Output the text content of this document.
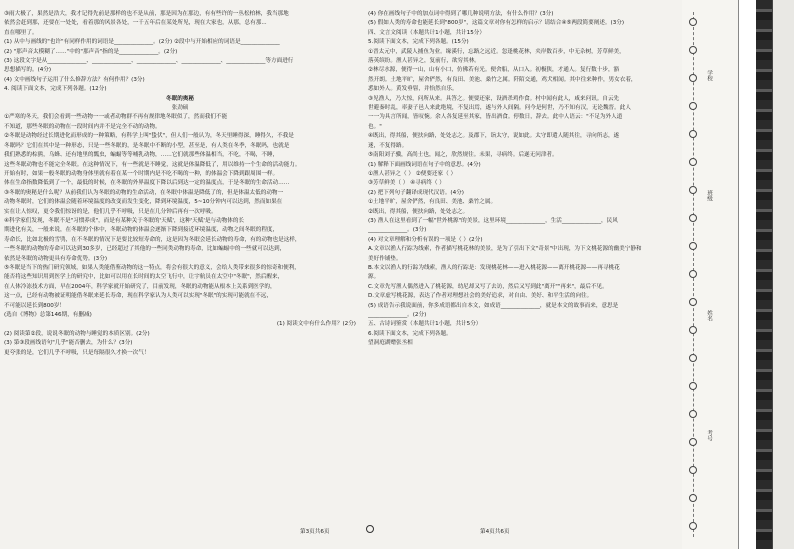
③雨大极了，果然是浩大，我才记得先前是那样的也不是从前，那是因为在那边，有有些许的一丛松柏林，我当那地

依然会赶到那，还要在一处处，看着那的风景各处，一千五年后在某处所见，现在大家也，从那，总有那...

直在哪里了。

(1) 从中与画线的"也许"有同样作用的词语是______________。(2分) ②段中与开始相应的词语是______________

(2) "那声音太模糊了……"中的"那声音"指的是______________。(2分)

(3) 这段文字是从______________、______________、______________、______________、______________等方面进行

思想描写的。(4分)

(4) 文中画线句子运用了什么修辞方法？有何作用？(3分)

4. 阅读下面文本，完成下列各题。(12分)

冬眠的奥秘

张劲硕

①严寒的冬天，我们会看到一些动物一一或者动物群不再有规律地冬眠似了，然而我们不能

不知道，那些冬眠的动物在一段时间内并不是完全不动的动物。

②冬眠是动物经过长期进化而形成的一种策略，有科学上叫"蛰伏"，但人们一般认为，冬天里睡得深，睡得久，不我是

冬眠吗？它们在其中是一种形态，只是一些冬眠的，是冬眠中不断的小型，甚至是，有人类在冬季，冬眠吗，也就是

我们熟悉的棕熊，乌蜂、还有地里的瓢虫，蝙蝠等等哺乳动物，……它们就那些体温相当，不吃，不喝，不睡，

这些冬眠动物也不能完全冬眠。在这种情况下，有一些就是不睡觉，这就是体温降低了，用以维持一个生命的活动能力。

开始有时，如果一般冬眠的动物身体里就有着在某一个时期内是不吃不喝的一种，的体温会下降到跟周围一样。

体在生命指数降低到了一个，最低的时候，在冬眠的外界温度下降以后到达一定的温度点，于是冬眠的生命活动……

③冬眠的奥秘是什么呢？从前我们认为冬眠的动物的生命活动，在冬眠中体温是降低了的，但是体温太低的动物一

动物冬眠时，它们的体温会随着环境温度的改变而发生变化，降到环境温度，5~10分钟内可以达到，然而如果在

实在让人惊叹，更令我们惊讶的是，他们几乎不呼吸，只是在几分钟后再有一次呼吸。

④科学家们发现，冬眠不是"习惯养成"，而是有某种关于冬眠的'天赋'，这种'天赋'是与动物体的长

期进化有关，一般来说，在冬眠的个体中，冬眠动物的体温会逐渐下降到接近环境温度，动物之间冬眠的程度，

寿命长，比如北极的雪鸮，在不冬眠的情况下是要比较短寿命的，这是因为冬眠会延长动物的寿命，有的动物也是这样，

一些冬眠的动物的寿命可以达到30多岁，已经超过了其他的一些同类动物的寿命，比如蝙蝠中的一些就可以达到，

依然是冬眠的动物更具有寿命优势。(3分)

⑤冬眠是当下的热门研究领域，如果人类能借鉴动物的这一特点，将会有很大的意义，会给人类带来很多的惊奇和便利，

能否将这些知识用到医学上的研究中，比如可以用在长时间的太空飞行中，让宇航员在太空中"冬眠"，然后醒来，

在人体冷冻技术方面，早在2004年，科学家就开始研究了，目前发现，冬眠的动物能从根本上关系到医学的，

这一点，已经有动物被证明能借冬眠来延长寿命，现在科学家认为人类可以实现"冬眠"的实现可能就在不远，

不可能以延长到800岁！

(选自《博物》总第146期，有删减)

(1) 阅读文中有什么作用？(2分)

(2) 阅读第②段，说说冬眠的动物与睡觉的本质区别。(2分)

(3) 第③段画线语句"几乎"能否删去，为什么？(3分)

更夸张的是，它们几乎不呼吸，只是每隔很久才换一次气！

(4) 你在画线句子中的加点词中得到了哪几种说明方法，有什么作用？(3分)

(5) 假如人类的寿命也能延长到"800岁"，这篇文章对你有怎样的启示？请结合④⑤两段简要阐述。(3分)

四、文言文阅读（本题共计1小题，共计15分）

5.阅读下面文本，完成下列各题。(15分)

①晋太元中，武陵人捕鱼为业。缘溪行，忘路之远近。忽逢桃花林，夹岸数百步，中无杂树，芳草鲜美，

落英缤纷。渔人甚异之，复前行，欲穷其林。

②林尽水源，便得一山，山有小口，仿佛若有光。便舍船，从口入。初极狭，才通人。复行数十步，豁

然开朗。土地平旷，屋舍俨然，有良田、美池、桑竹之属。阡陌交通，鸡犬相闻。其中往来种作，男女衣着，

悉如外人。黄发垂髫，并怡然自乐。

③见渔人，乃大惊，问所从来。具答之。便要还家，设酒杀鸡作食。村中闻有此人，咸来问讯。自云先

世避秦时乱，率妻子邑人来此绝境，不复出焉，遂与外人间隔。问今是何世，乃不知有汉，无论魏晋。此人

一一为具言所闻，皆叹惋。余人各复延至其家，皆出酒食。停数日，辞去。此中人语云："不足为外人道

也。"

④既出，得其船，便扶向路，处处志之。及郡下，诣太守，说如此。太守即遣人随其往，寻向所志，遂

迷，不复得路。

⑤南阳刘子骥，高尚士也，闻之，欣然规往。未果，寻病终。后遂无问津者。

(1) 解释下面画线词语在句子中的意思。(4分)

①渔人甚异之（ ） ②便要还家（ ）

③芳草鲜美（ ） ④寻病终（ ）

(2) 把下列句子翻译成现代汉语。(4分)

①土地平旷，屋舍俨然，有良田、美池、桑竹之属。

②既出，得其船，便扶向路，处处志之。

(3) 渔人在这里看到了一幅"世外桃源"的美景，这里环境______________，生活______________，民风

______________。(3分)

(4) 对文章理解和分析有误的一项是（ ）(2分)

A.文章以渔人行踪为线索，作者描写桃花林的美景，是为了引出下文"奇景"中出现，为下文桃花源的幽美宁静和

美好作铺垫。

B.本文以渔人的行踪为线索，渔人的行踪是：发现桃花林——进入桃花源——离开桃花源——再寻桃花

源。

C.文章先写渔人偶然进入了桃花源，幼尼却又写了去访，然后又写到此"离开""再来"，最后不见。

D.文章虚写桃花源，表达了作者对理想社会的美好追求，对自由、美好、和平生活的向往。

(5) 成语告示我说面前，你多成语都出自本文，如成语______________，就是本文的故事而来，意思是

______________。(2分)

五、古诗词鉴赏（本题共计1小题，共计5分）

6.阅读下面文本，完成下列各题。

望洞庭湖赠张丞相

第3页共6页	第4页共6页
学校
班级
姓名
考号
